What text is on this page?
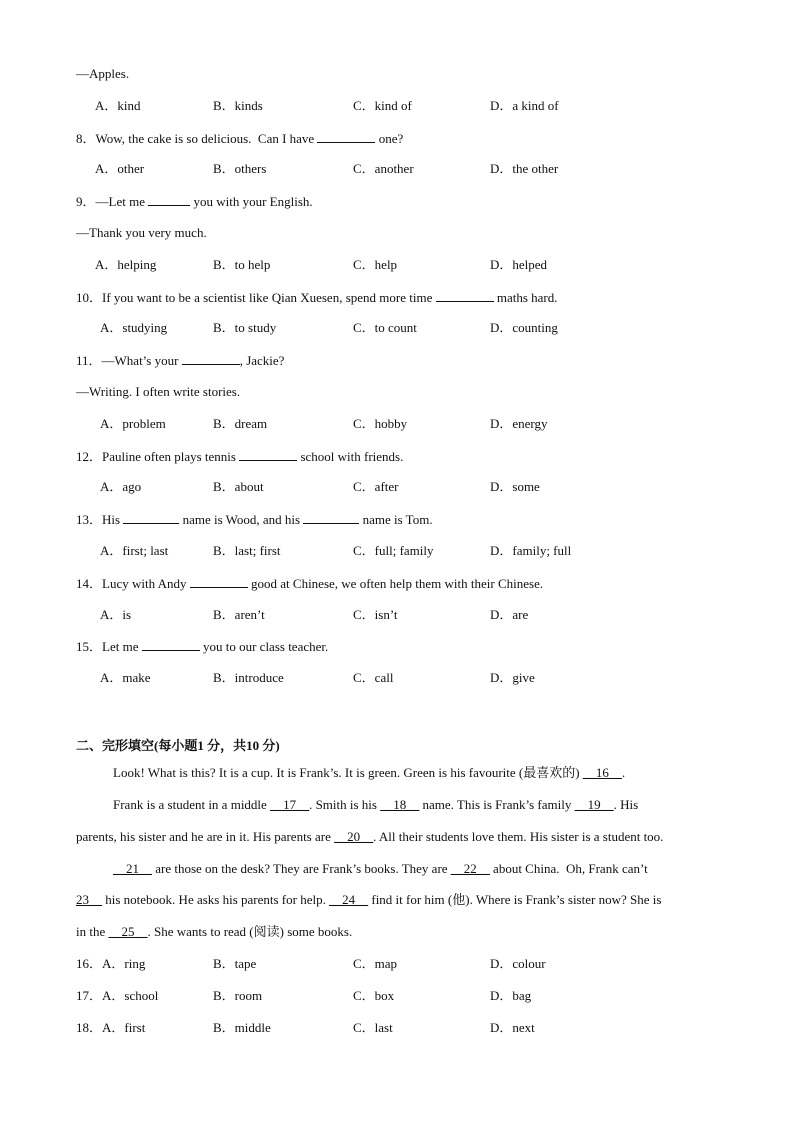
—Apples.
A．kind	B．kinds	C．kind of	D．a kind of
8．Wow, the cake is so delicious.  Can I have	one?
A．other	B．others	C．another	D．the other
9．—Let me	you with your English.
—Thank you very much.
A．helping	B．to help	C．help	D．helped
10．If you want to be a scientist like Qian Xuesen, spend more time	maths hard.
A．studying	B．to study	C．to count	D．counting
11．—What’s your	, Jackie?
—Writing. I often write stories.
A．problem	B．dream	C．hobby	D．energy
12．Pauline often plays tennis	school with friends.
A．ago	B．about	C．after	D．some
13．His	name is Wood, and his	name is Tom.
A．first; last	B．last; first	C．full; family	D．family; full
14．Lucy with Andy	good at Chinese, we often help them with their Chinese.
A．is	B．aren’t	C．isn’t	D．are
15．Let me	you to our class teacher.
A．make	B．introduce	C．call	D．give
二、完形填空(每小题1 分，共10 分)
Look! What is this? It is a cup. It is Frank’s. It is green. Green is his favourite (最喜欢的) __16__.
Frank is a student in a middle __17__. Smith is his __18__ name. This is Frank’s family __19__. His
parents, his sister and he are in it. His parents are __20__. All their students love them. His sister is a student too.
__21__ are those on the desk? They are Frank’s books. They are __22__ about China.  Oh, Frank can’t
23__ his notebook. He asks his parents for help. __24__ find it for him (他). Where is Frank’s sister now? She is
in the __25__. She wants to read (阅读) some books.
16． A．ring	B．tape	C．map	D．colour
17． A．school	B．room	C．box	D．bag
18． A．first	B．middle	C．last	D．next
